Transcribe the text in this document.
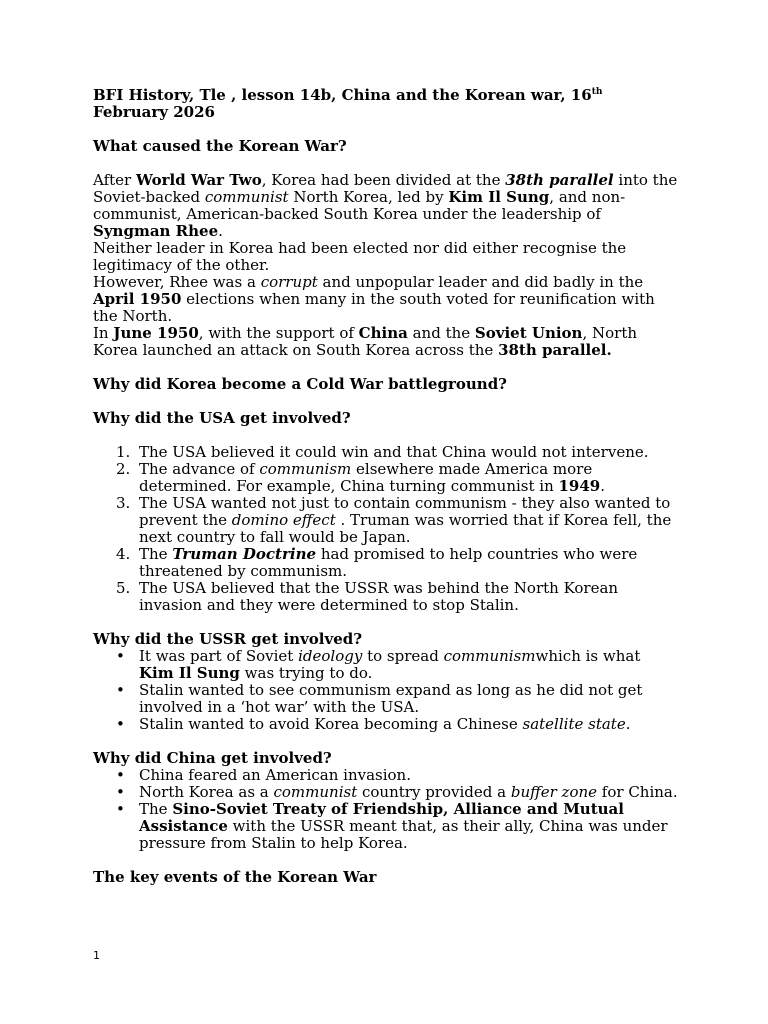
BFI History, Tle , lesson 14b, China and the Korean war, 16th
February 2026

What caused the Korean War?

After World War Two, Korea had been divided at the 38th parallel into the Soviet-backed communist North Korea, led by Kim Il Sung, and non-communist, American-backed South Korea under the leadership of Syngman Rhee.

Neither leader in Korea had been elected nor did either recognise the legitimacy of the other.

However, Rhee was a corrupt and unpopular leader and did badly in the April 1950 elections when many in the south voted for reunification with the North.

In June 1950, with the support of China and the Soviet Union, North Korea launched an attack on South Korea across the 38th parallel.

Why did Korea become a Cold War battleground?
Why did the USA get involved?
The USA believed it could win and that China would not intervene.
The advance of communism elsewhere made America more determined. For example, China turning communist in 1949.
The USA wanted not just to contain communism - they also wanted to prevent the domino effect . Truman was worried that if Korea fell, the next country to fall would be Japan.
The Truman Doctrine had promised to help countries who were threatened by communism.
The USA believed that the USSR was behind the North Korean invasion and they were determined to stop Stalin.
Why did the USSR get involved?
• It was part of Soviet ideology to spread communismwhich is what Kim Il Sung was trying to do.
• Stalin wanted to see communism expand as long as he did not get involved in a ‘hot war’ with the USA.
• Stalin wanted to avoid Korea becoming a Chinese satellite state.
Why did China get involved?
• China feared an American invasion.
• North Korea as a communist country provided a buffer zone for China.
• The Sino-Soviet Treaty of Friendship, Alliance and Mutual Assistance with the USSR meant that, as their ally, China was under pressure from Stalin to help Korea.
The key events of the Korean War
1
